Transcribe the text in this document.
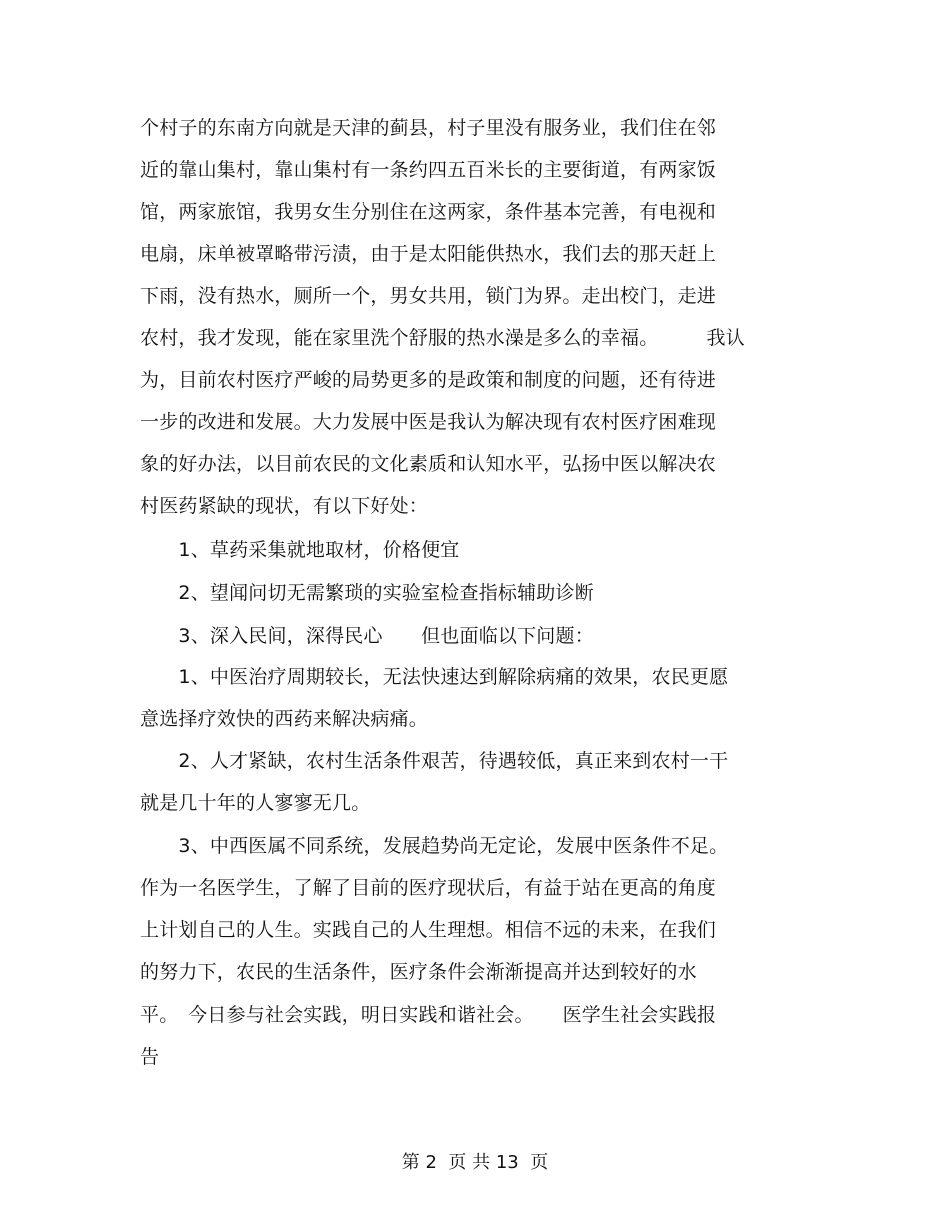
个村子的东南方向就是天津的蓟县，村子里没有服务业，我们住在邻
近的靠山集村，靠山集村有一条约四五百米长的主要街道，有两家饭
馆，两家旅馆，我男女生分别住在这两家，条件基本完善，有电视和
电扇，床单被罩略带污渍，由于是太阳能供热水，我们去的那天赶上
下雨，没有热水，厕所一个，男女共用，锁门为界。走出校门，走进
农村，我才发现，能在家里洗个舒服的热水澡是多么的幸福。　　　我认
为，目前农村医疗严峻的局势更多的是政策和制度的问题，还有待进
一步的改进和发展。大力发展中医是我认为解决现有农村医疗困难现
象的好办法，以目前农民的文化素质和认知水平，弘扬中医以解决农
村医药紧缺的现状，有以下好处：
　　1、草药采集就地取材，价格便宜
　　2、望闻问切无需繁琐的实验室检查指标辅助诊断
　　3、深入民间，深得民心　　但也面临以下问题：
　　1、中医治疗周期较长，无法快速达到解除病痛的效果，农民更愿
意选择疗效快的西药来解决病痛。
　　2、人才紧缺，农村生活条件艰苦，待遇较低，真正来到农村一干
就是几十年的人寥寥无几。
　　3、中西医属不同系统，发展趋势尚无定论，发展中医条件不足。
作为一名医学生，了解了目前的医疗现状后，有益于站在更高的角度
上计划自己的人生。实践自己的人生理想。相信不远的未来，在我们
的努力下，农民的生活条件，医疗条件会渐渐提高并达到较好的水
平。　今日参与社会实践，明日实践和谐社会。　　医学生社会实践报
告
第 2  页 共 13  页
